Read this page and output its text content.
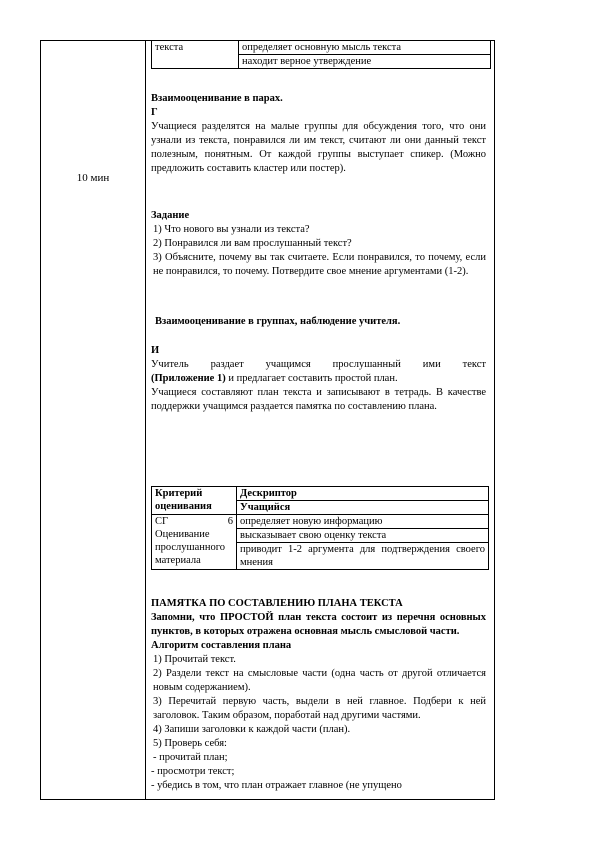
10 мин
текста	определяет основную мысль текста
находит верное утверждение

Взаимооценивание в парах.

Г

Учащиеся разделятся на малые группы для обсуждения того, что они узнали из текста, понравился ли им текст, считают ли они данный текст полезным, понятным. От каждой группы выступает спикер. (Можно предложить составить кластер или постер).

Задание

1) Что нового вы узнали из текста?

2) Понравился ли вам прослушанный текст?

3) Объясните, почему вы так считаете. Если понравился, то почему, если не понравился, то почему. Потвердите свое мнение аргументами (1-2).

Взаимооценивание в группах, наблюдение учителя.

И

Учитель раздает учащимся прослушанный ими текст

(Приложение 1) и предлагает составить простой план.

Учащиеся составляют план текста и записывают в тетрадь. В качестве поддержки учащимся раздается памятка по составлению плана.

Критерий оценивания	Дескриптор
	Учащийся

СГ 6
Оценивание прослушанного материала	определяет новую информацию
	высказывает свою оценку текста
	приводит 1-2 аргумента для подтверждения своего мнения

ПАМЯТКА ПО СОСТАВЛЕНИЮ ПЛАНА ТЕКСТА

Запомни, что ПРОСТОЙ план текста состоит из перечня основных пунктов, в которых отражена основная мысль смысловой части.

Алгоритм составления плана

1) Прочитай текст.

2) Раздели текст на смысловые части (одна часть от другой отличается новым содержанием).

3) Перечитай первую часть, выдели в ней главное. Подбери к ней заголовок. Таким образом, поработай над другими частями.

4) Запиши заголовки к каждой части (план).

5) Проверь себя:

- прочитай план;

- просмотри текст;

- убедись в том, что план отражает главное (не упущено
